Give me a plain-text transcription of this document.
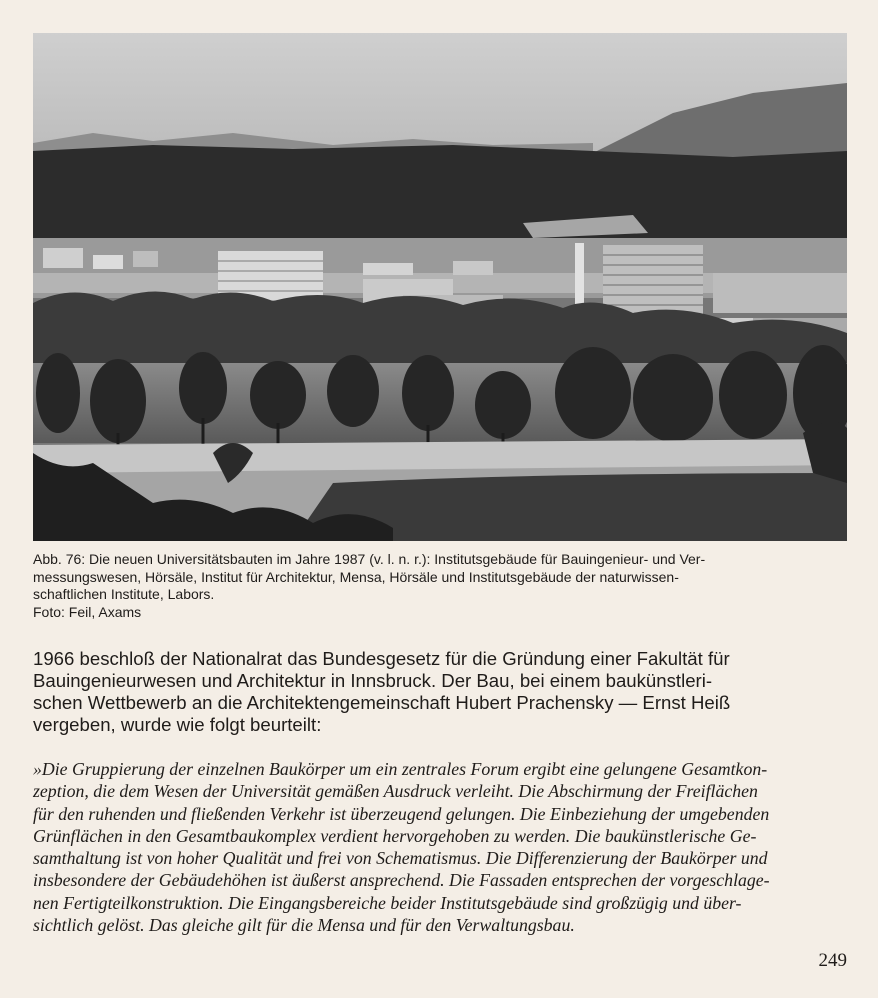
Abb. 76: Die neuen Universitätsbauten im Jahre 1987 (v. l. n. r.): Institutsgebäude für Bauingenieur- und Ver-
messungswesen, Hörsäle, Institut für Architektur, Mensa, Hörsäle und Institutsgebäude der naturwissen-
schaftlichen Institute, Labors.
Foto: Feil, Axams
1966 beschloß der Nationalrat das Bundesgesetz für die Gründung einer Fakultät für
Bauingenieurwesen und Architektur in Innsbruck. Der Bau, bei einem baukünstleri-
schen Wettbewerb an die Architektengemeinschaft Hubert Prachensky — Ernst Heiß
vergeben, wurde wie folgt beurteilt:
»Die Gruppierung der einzelnen Baukörper um ein zentrales Forum ergibt eine gelungene Gesamtkon-
zeption, die dem Wesen der Universität gemäßen Ausdruck verleiht. Die Abschirmung der Freiflächen
für den ruhenden und fließenden Verkehr ist überzeugend gelungen. Die Einbeziehung der umgebenden
Grünflächen in den Gesamtbaukomplex verdient hervorgehoben zu werden. Die baukünstlerische Ge-
samthaltung ist von hoher Qualität und frei von Schematismus. Die Differenzierung der Baukörper und
insbesondere der Gebäudehöhen ist äußerst ansprechend. Die Fassaden entsprechen der vorgeschlage-
nen Fertigteilkonstruktion. Die Eingangsbereiche beider Institutsgebäude sind großzügig und über-
sichtlich gelöst. Das gleiche gilt für die Mensa und für den Verwaltungsbau.
249
